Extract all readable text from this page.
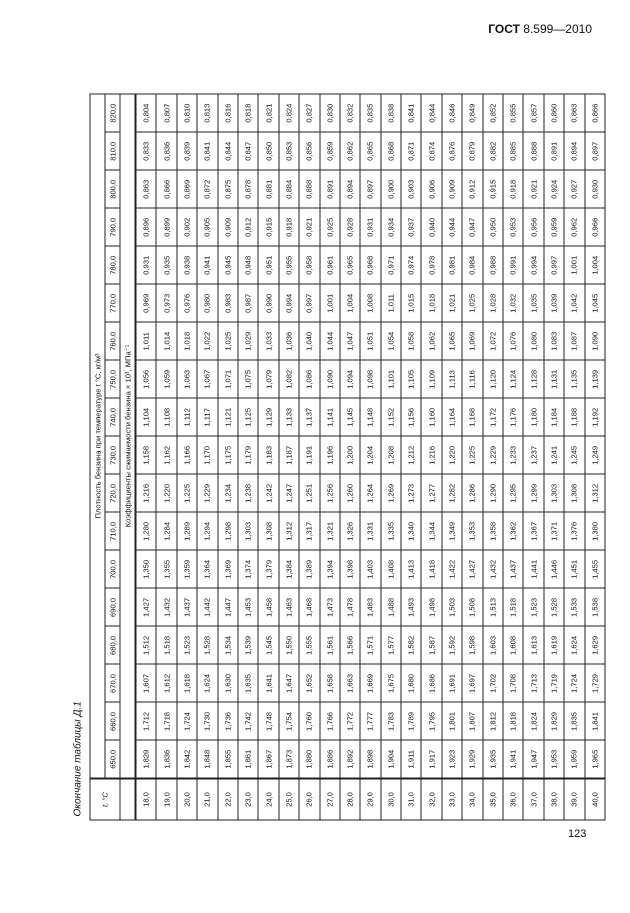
ГОСТ 8.599—2010
Окончание таблицы Д.1	t, °C	Плотность бензина при температуре t °C, кг/м³																	
	650,0	660,0	670,0	680,0	690,0	700,0	710,0	720,0	730,0	740,0	750,0	760,0	770,0	780,0	790,0	800,0	810,0	820,0
	Коэффициенты сжимаемости бензина × 10³, МПа⁻¹																	
18,0	1,829	1,712	1,607	1,512	1,427	1,350	1,280	1,216	1,158	1,104	1,056	1,011	0,969	0,931	0,896	0,863	0,833	0,804
19,0	1,836	1,718	1,612	1,518	1,432	1,355	1,284	1,220	1,162	1,108	1,059	1,014	0,973	0,935	0,899	0,866	0,836	0,807
20,0	1,842	1,724	1,618	1,523	1,437	1,359	1,289	1,225	1,166	1,112	1,063	1,018	0,976	0,938	0,902	0,869	0,839	0,810
21,0	1,848	1,730	1,624	1,528	1,442	1,364	1,294	1,229	1,170	1,117	1,067	1,022	0,980	0,941	0,905	0,872	0,841	0,813
22,0	1,855	1,736	1,630	1,534	1,447	1,369	1,298	1,234	1,175	1,121	1,071	1,025	0,983	0,945	0,909	0,875	0,844	0,816
23,0	1,861	1,742	1,635	1,539	1,453	1,374	1,303	1,238	1,179	1,125	1,075	1,029	0,987	0,948	0,912	0,878	0,847	0,818
24,0	1,867	1,748	1,641	1,545	1,458	1,379	1,308	1,242	1,183	1,129	1,079	1,033	0,990	0,951	0,915	0,881	0,850	0,821
25,0	1,873	1,754	1,647	1,550	1,463	1,384	1,312	1,247	1,187	1,133	1,082	1,036	0,994	0,955	0,918	0,884	0,853	0,824
26,0	1,880	1,760	1,652	1,555	1,468	1,389	1,317	1,251	1,191	1,137	1,086	1,040	0,997	0,958	0,921	0,888	0,856	0,827
27,0	1,886	1,766	1,658	1,561	1,473	1,394	1,321	1,256	1,196	1,141	1,090	1,044	1,001	0,961	0,925	0,891	0,859	0,830
28,0	1,892	1,772	1,663	1,566	1,478	1,398	1,326	1,260	1,200	1,145	1,094	1,047	1,004	0,965	0,928	0,894	0,862	0,832
29,0	1,898	1,777	1,669	1,571	1,483	1,403	1,331	1,264	1,204	1,148	1,098	1,051	1,008	0,968	0,931	0,897	0,865	0,835
30,0	1,904	1,783	1,675	1,577	1,488	1,408	1,335	1,269	1,208	1,152	1,101	1,054	1,011	0,971	0,934	0,900	0,868	0,838
31,0	1,911	1,789	1,680	1,582	1,493	1,413	1,340	1,273	1,212	1,156	1,105	1,058	1,015	0,974	0,937	0,903	0,871	0,841
32,0	1,917	1,795	1,686	1,587	1,498	1,418	1,344	1,277	1,216	1,160	1,109	1,062	1,018	0,978	0,940	0,906	0,874	0,844
33,0	1,923	1,801	1,691	1,592	1,503	1,422	1,349	1,282	1,220	1,164	1,113	1,065	1,021	0,981	0,944	0,909	0,876	0,846
34,0	1,929	1,807	1,697	1,598	1,508	1,427	1,353	1,286	1,225	1,168	1,116	1,069	1,025	0,984	0,947	0,912	0,879	0,849
35,0	1,935	1,812	1,702	1,603	1,513	1,432	1,358	1,290	1,229	1,172	1,120	1,072	1,028	0,988	0,950	0,915	0,882	0,852
36,0	1,941	1,818	1,708	1,608	1,518	1,437	1,362	1,295	1,233	1,176	1,124	1,076	1,032	0,991	0,953	0,918	0,885	0,855
37,0	1,947	1,824	1,713	1,613	1,523	1,441	1,367	1,299	1,237	1,180	1,128	1,080	1,035	0,994	0,956	0,921	0,888	0,857
38,0	1,953	1,829	1,719	1,619	1,528	1,446	1,371	1,303	1,241	1,184	1,131	1,083	1,039	0,997	0,959	0,924	0,891	0,860
39,0	1,959	1,835	1,724	1,624	1,533	1,451	1,376	1,308	1,245	1,188	1,135	1,087	1,042	1,001	0,962	0,927	0,894	0,863
40,0	1,965	1,841	1,729	1,629	1,538	1,455	1,380	1,312	1,249	1,192	1,139	1,090	1,045	1,004	0,966	0,930	0,897	0,866
123
